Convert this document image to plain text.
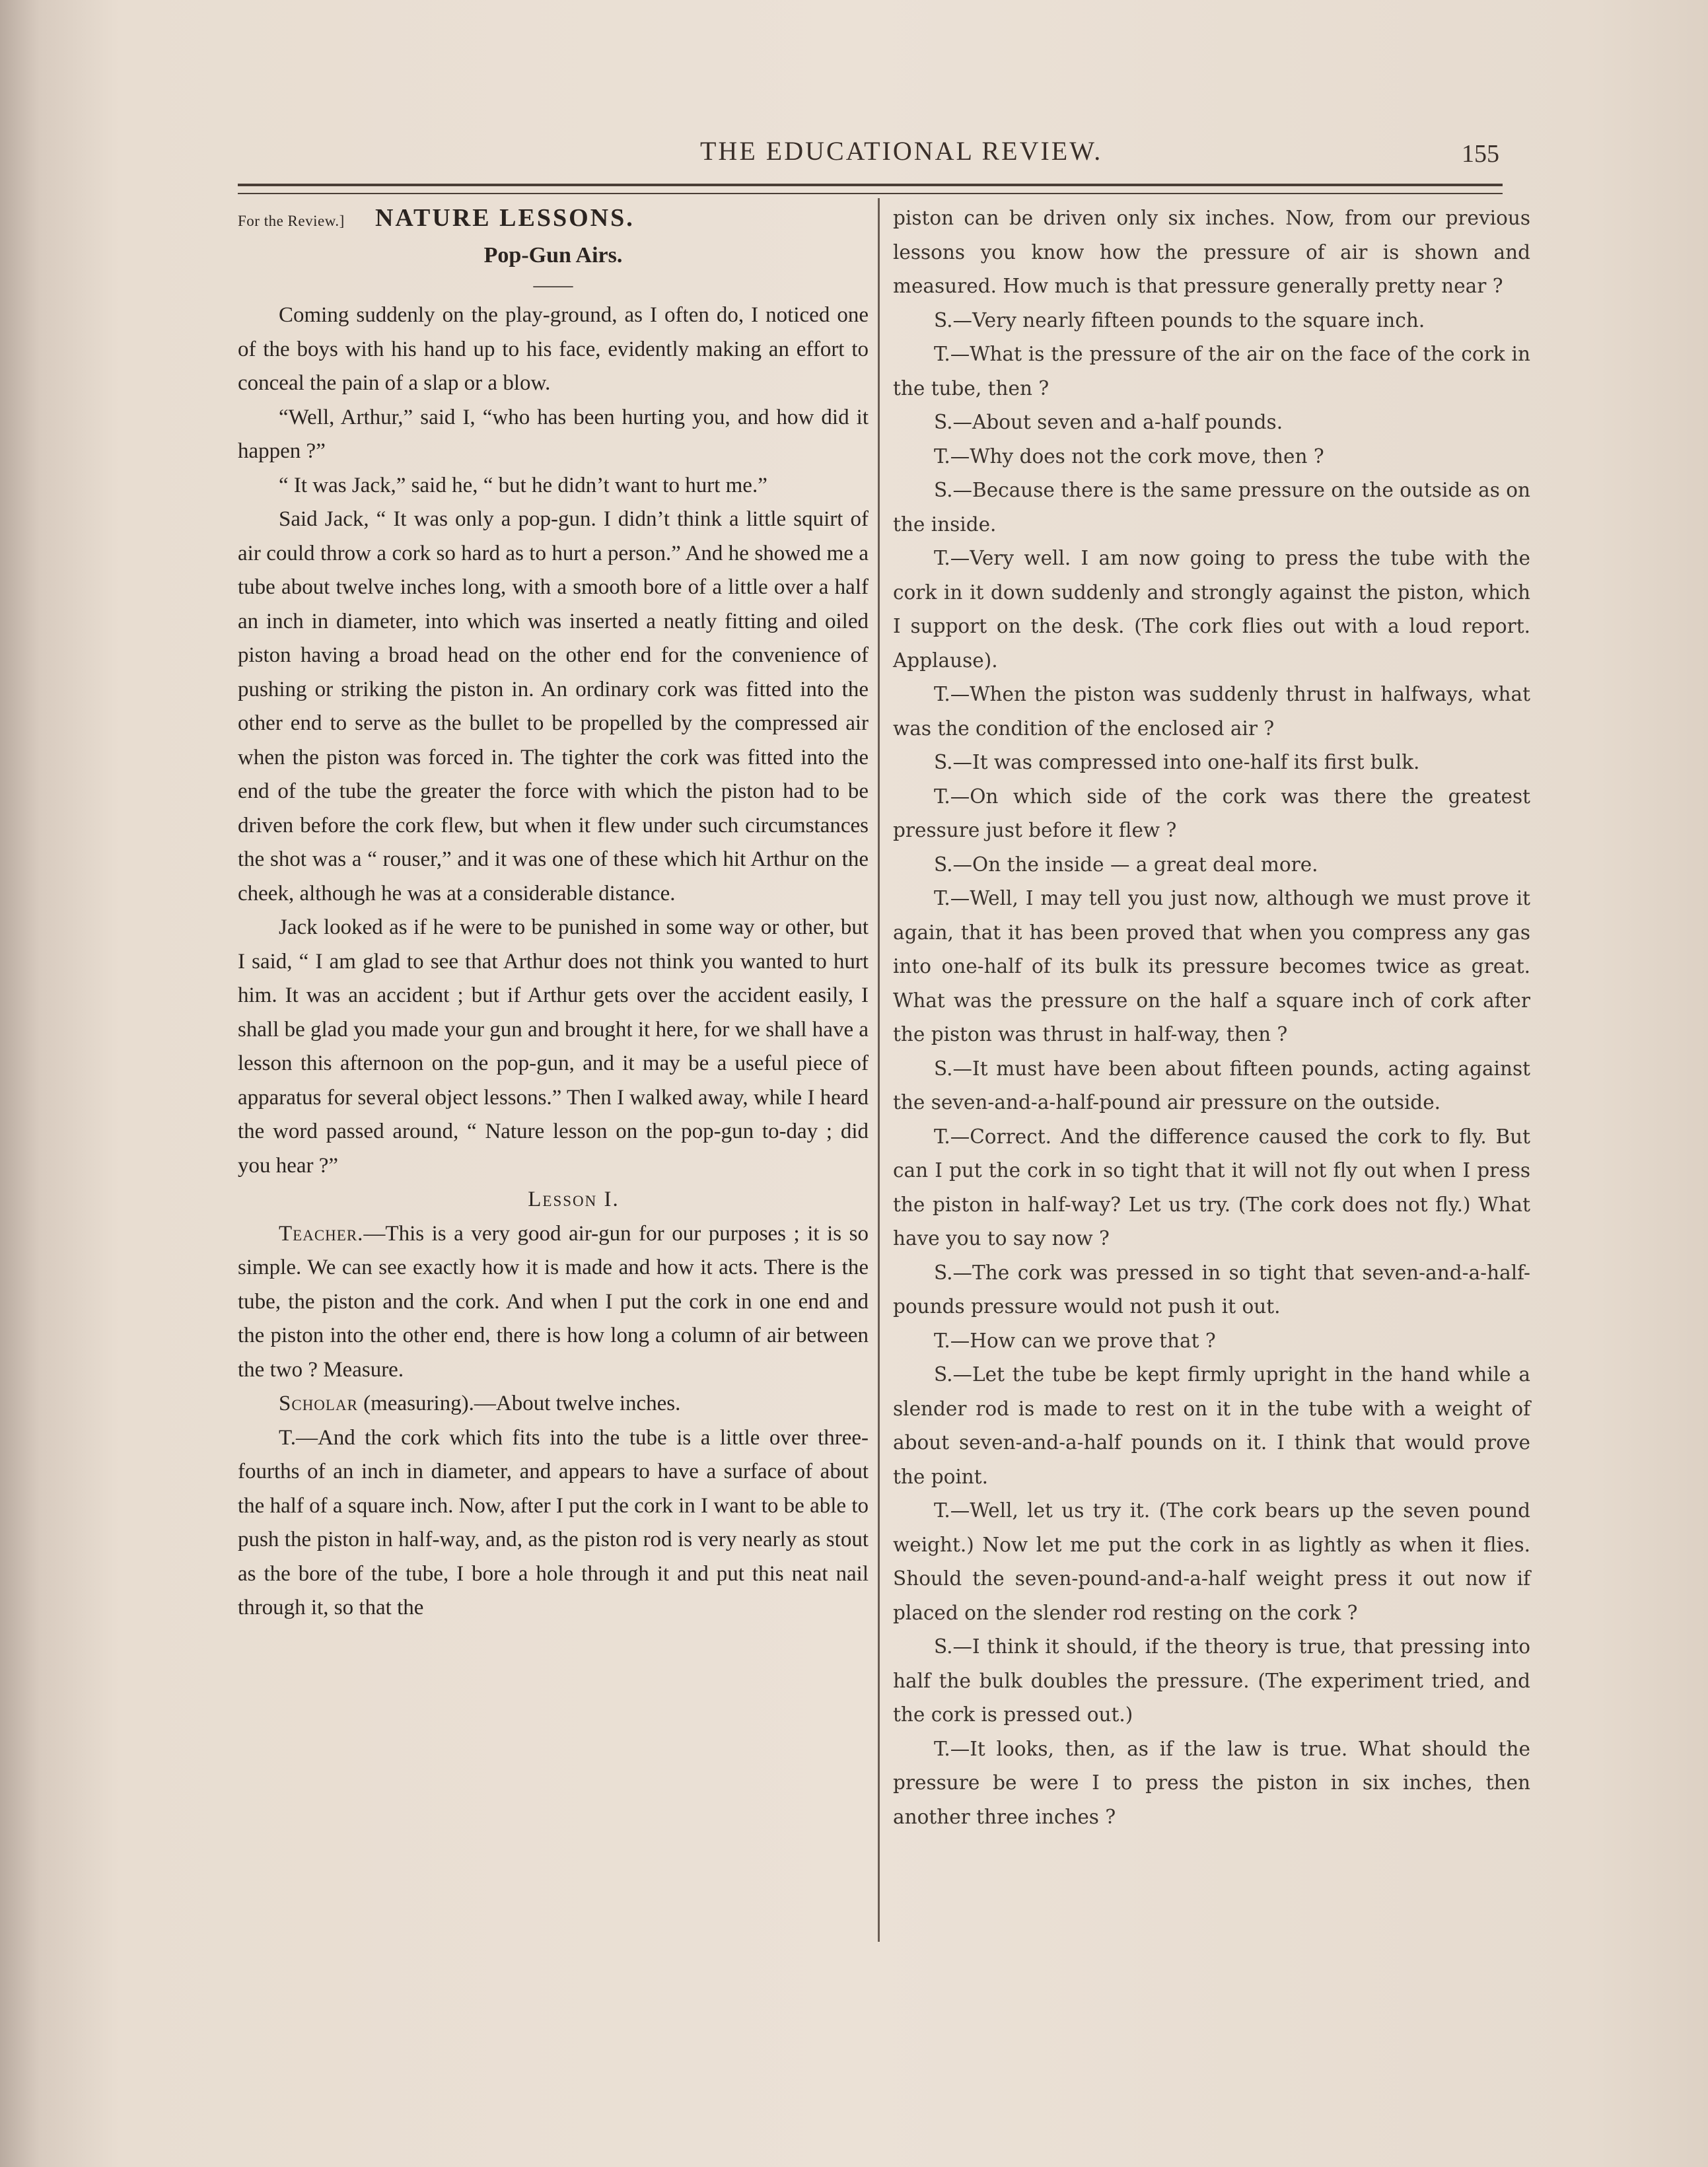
THE EDUCATIONAL REVIEW.	155
For the Review.] NATURE LESSONS.
Pop-Gun Airs.
——

Coming suddenly on the play-ground, as I often do, I noticed one of the boys with his hand up to his face, evidently making an effort to conceal the pain of a slap or a blow.

“Well, Arthur,” said I, “who has been hurting you, and how did it happen ?”

“ It was Jack,” said he, “ but he didn’t want to hurt me.”

Said Jack, “ It was only a pop-gun. I didn’t think a little squirt of air could throw a cork so hard as to hurt a person.” And he showed me a tube about twelve inches long, with a smooth bore of a little over a half an inch in diameter, into which was inserted a neatly fitting and oiled piston having a broad head on the other end for the convenience of pushing or striking the piston in. An ordinary cork was fitted into the other end to serve as the bullet to be propelled by the compressed air when the piston was forced in. The tighter the cork was fitted into the end of the tube the greater the force with which the piston had to be driven before the cork flew, but when it flew under such circumstances the shot was a “ rouser,” and it was one of these which hit Arthur on the cheek, although he was at a considerable distance.

Jack looked as if he were to be punished in some way or other, but I said, “ I am glad to see that Arthur does not think you wanted to hurt him. It was an accident ; but if Arthur gets over the accident easily, I shall be glad you made your gun and brought it here, for we shall have a lesson this afternoon on the pop-gun, and it may be a useful piece of apparatus for several object lessons.” Then I walked away, while I heard the word passed around, “ Nature lesson on the pop-gun to-day ; did you hear ?”

Lesson I.

Teacher.—This is a very good air-gun for our purposes ; it is so simple. We can see exactly how it is made and how it acts. There is the tube, the piston and the cork. And when I put the cork in one end and the piston into the other end, there is how long a column of air between the two ? Measure.

Scholar (measuring).—About twelve inches.

T.—And the cork which fits into the tube is a little over three-fourths of an inch in diameter, and appears to have a surface of about the half of a square inch. Now, after I put the cork in I want to be able to push the piston in half-way, and, as the piston rod is very nearly as stout as the bore of the tube, I bore a hole through it and put this neat nail through it, so that the

piston can be driven only six inches. Now, from our previous lessons you know how the pressure of air is shown and measured. How much is that pressure generally pretty near ?

S.—Very nearly fifteen pounds to the square inch.

T.—What is the pressure of the air on the face of the cork in the tube, then ?

S.—About seven and a-half pounds.

T.—Why does not the cork move, then ?

S.—Because there is the same pressure on the outside as on the inside.

T.—Very well. I am now going to press the tube with the cork in it down suddenly and strongly against the piston, which I support on the desk. (The cork flies out with a loud report. Applause).

T.—When the piston was suddenly thrust in halfways, what was the condition of the enclosed air ?

S.—It was compressed into one-half its first bulk.

T.—On which side of the cork was there the greatest pressure just before it flew ?

S.—On the inside — a great deal more.

T.—Well, I may tell you just now, although we must prove it again, that it has been proved that when you compress any gas into one-half of its bulk its pressure becomes twice as great. What was the pressure on the half a square inch of cork after the piston was thrust in half-way, then ?

S.—It must have been about fifteen pounds, acting against the seven-and-a-half-pound air pressure on the outside.

T.—Correct. And the difference caused the cork to fly. But can I put the cork in so tight that it will not fly out when I press the piston in half-way? Let us try. (The cork does not fly.) What have you to say now ?

S.—The cork was pressed in so tight that seven-and-a-half-pounds pressure would not push it out.

T.—How can we prove that ?

S.—Let the tube be kept firmly upright in the hand while a slender rod is made to rest on it in the tube with a weight of about seven-and-a-half pounds on it. I think that would prove the point.

T.—Well, let us try it. (The cork bears up the seven pound weight.) Now let me put the cork in as lightly as when it flies. Should the seven-pound-and-a-half weight press it out now if placed on the slender rod resting on the cork ?

S.—I think it should, if the theory is true, that pressing into half the bulk doubles the pressure. (The experiment tried, and the cork is pressed out.)

T.—It looks, then, as if the law is true. What should the pressure be were I to press the piston in six inches, then another three inches ?
